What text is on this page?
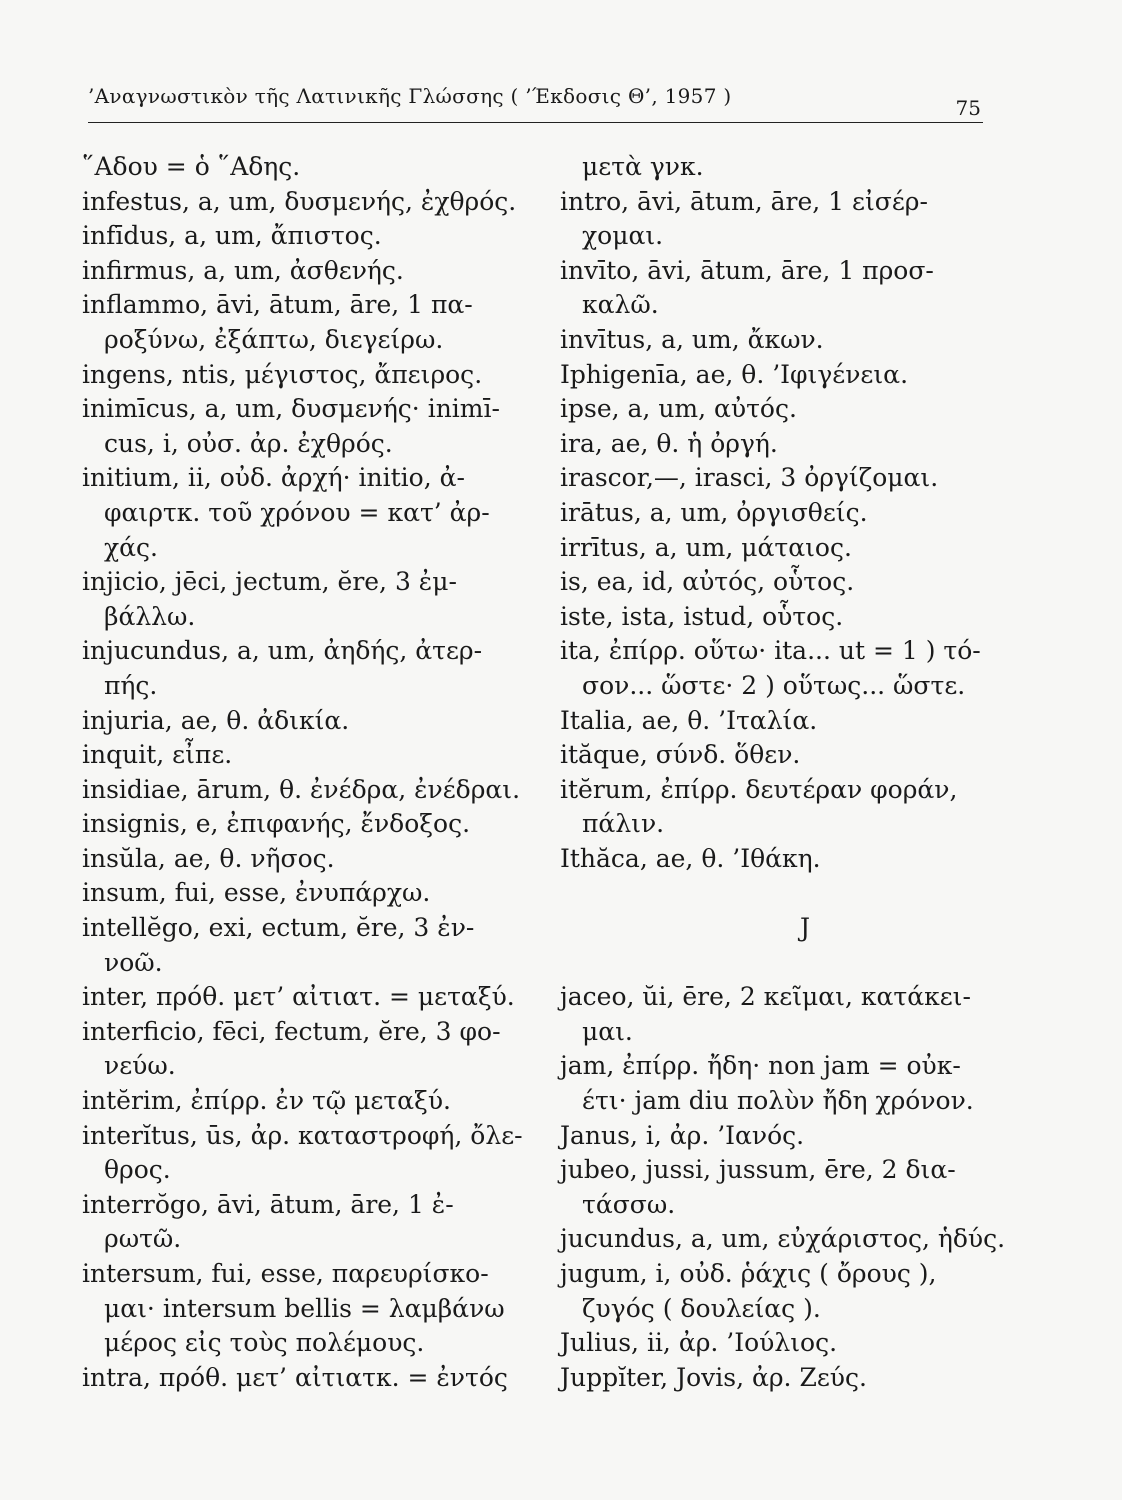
’Αναγνωστικὸν τῆς Λατινικῆς Γλώσσης ( ’Έκδοσις Θ’, 1957 )	75
῞Αδου = ὁ ῞Αδης.
infestus, a, um, δυσμενής, ἐχθρός.
infīdus, a, um, ἄπιστος.
infirmus, a, um, ἀσθενής.
inflammo, āvi, ātum, āre, 1 πα-
ροξύνω, ἐξάπτω, διεγείρω.
ingens, ntis, μέγιστος, ἄπειρος.
inimīcus, a, um, δυσμενής· inimī-
cus, i, οὐσ. ἀρ. ἐχθρός.
initium, ii, οὐδ. ἀρχή· initio, ἀ-
φαιρτκ. τοῦ χρόνου = κατ’ ἀρ-
χάς.
injicio, jēci, jectum, ĕre, 3 ἐμ-
βάλλω.
injucundus, a, um, ἀηδής, ἀτερ-
πής.
injuria, ae, θ. ἀδικία.
inquit, εἶπε.
insidiae, ārum, θ. ἐνέδρα, ἐνέδραι.
insignis, e, ἐπιφανής, ἔνδοξος.
insŭla, ae, θ. νῆσος.
insum, fui, esse, ἐνυπάρχω.
intellĕgo, exi, ectum, ĕre, 3 ἐν-
νοῶ.
inter, πρόθ. μετ’ αἰτιατ. = μεταξύ.
interficio, fēci, fectum, ĕre, 3 φο-
νεύω.
intĕrim, ἐπίρρ. ἐν τῷ μεταξύ.
interĭtus, ūs, ἀρ. καταστροφή, ὄλε-
θρος.
interrŏgo, āvi, ātum, āre, 1 ἐ-
ρωτῶ.
intersum, fui, esse, παρευρίσκο-
μαι· intersum bellis = λαμβάνω
μέρος εἰς τοὺς πολέμους.
intra, πρόθ. μετ’ αἰτιατκ. = ἐντός
μετὰ γνκ.
intro, āvi, ātum, āre, 1 εἰσέρ-
χομαι.
invīto, āvi, ātum, āre, 1 προσ-
καλῶ.
invītus, a, um, ἄκων.
Iphigenīa, ae, θ. ’Ιφιγένεια.
ipse, a, um, αὐτός.
ira, ae, θ. ἡ ὀργή.
irascor,—, irasci, 3 ὀργίζομαι.
irātus, a, um, ὀργισθείς.
irrītus, a, um, μάταιος.
is, ea, id, αὐτός, οὗτος.
iste, ista, istud, οὗτος.
ita, ἐπίρρ. οὕτω· ita... ut = 1 ) τό-
σον... ὥστε· 2 ) οὕτως... ὥστε.
Italia, ae, θ. ’Ιταλία.
ităque, σύνδ. ὅθεν.
itĕrum, ἐπίρρ. δευτέραν φοράν,
πάλιν.
Ithăca, ae, θ. ’Ιθάκη.
J
jaceo, ŭi, ēre, 2 κεῖμαι, κατάκει-
μαι.
jam, ἐπίρρ. ἤδη· non jam = οὐκ-
έτι· jam diu πολὺν ἤδη χρόνον.
Janus, i, ἀρ. ’Ιανός.
jubeo, jussi, jussum, ēre, 2 δια-
τάσσω.
jucundus, a, um, εὐχάριστος, ἡδύς.
jugum, i, οὐδ. ῥάχις ( ὄρους ),
ζυγός ( δουλείας ).
Julius, ii, ἀρ. ’Ιούλιος.
Juppĭter, Jovis, ἀρ. Ζεύς.
